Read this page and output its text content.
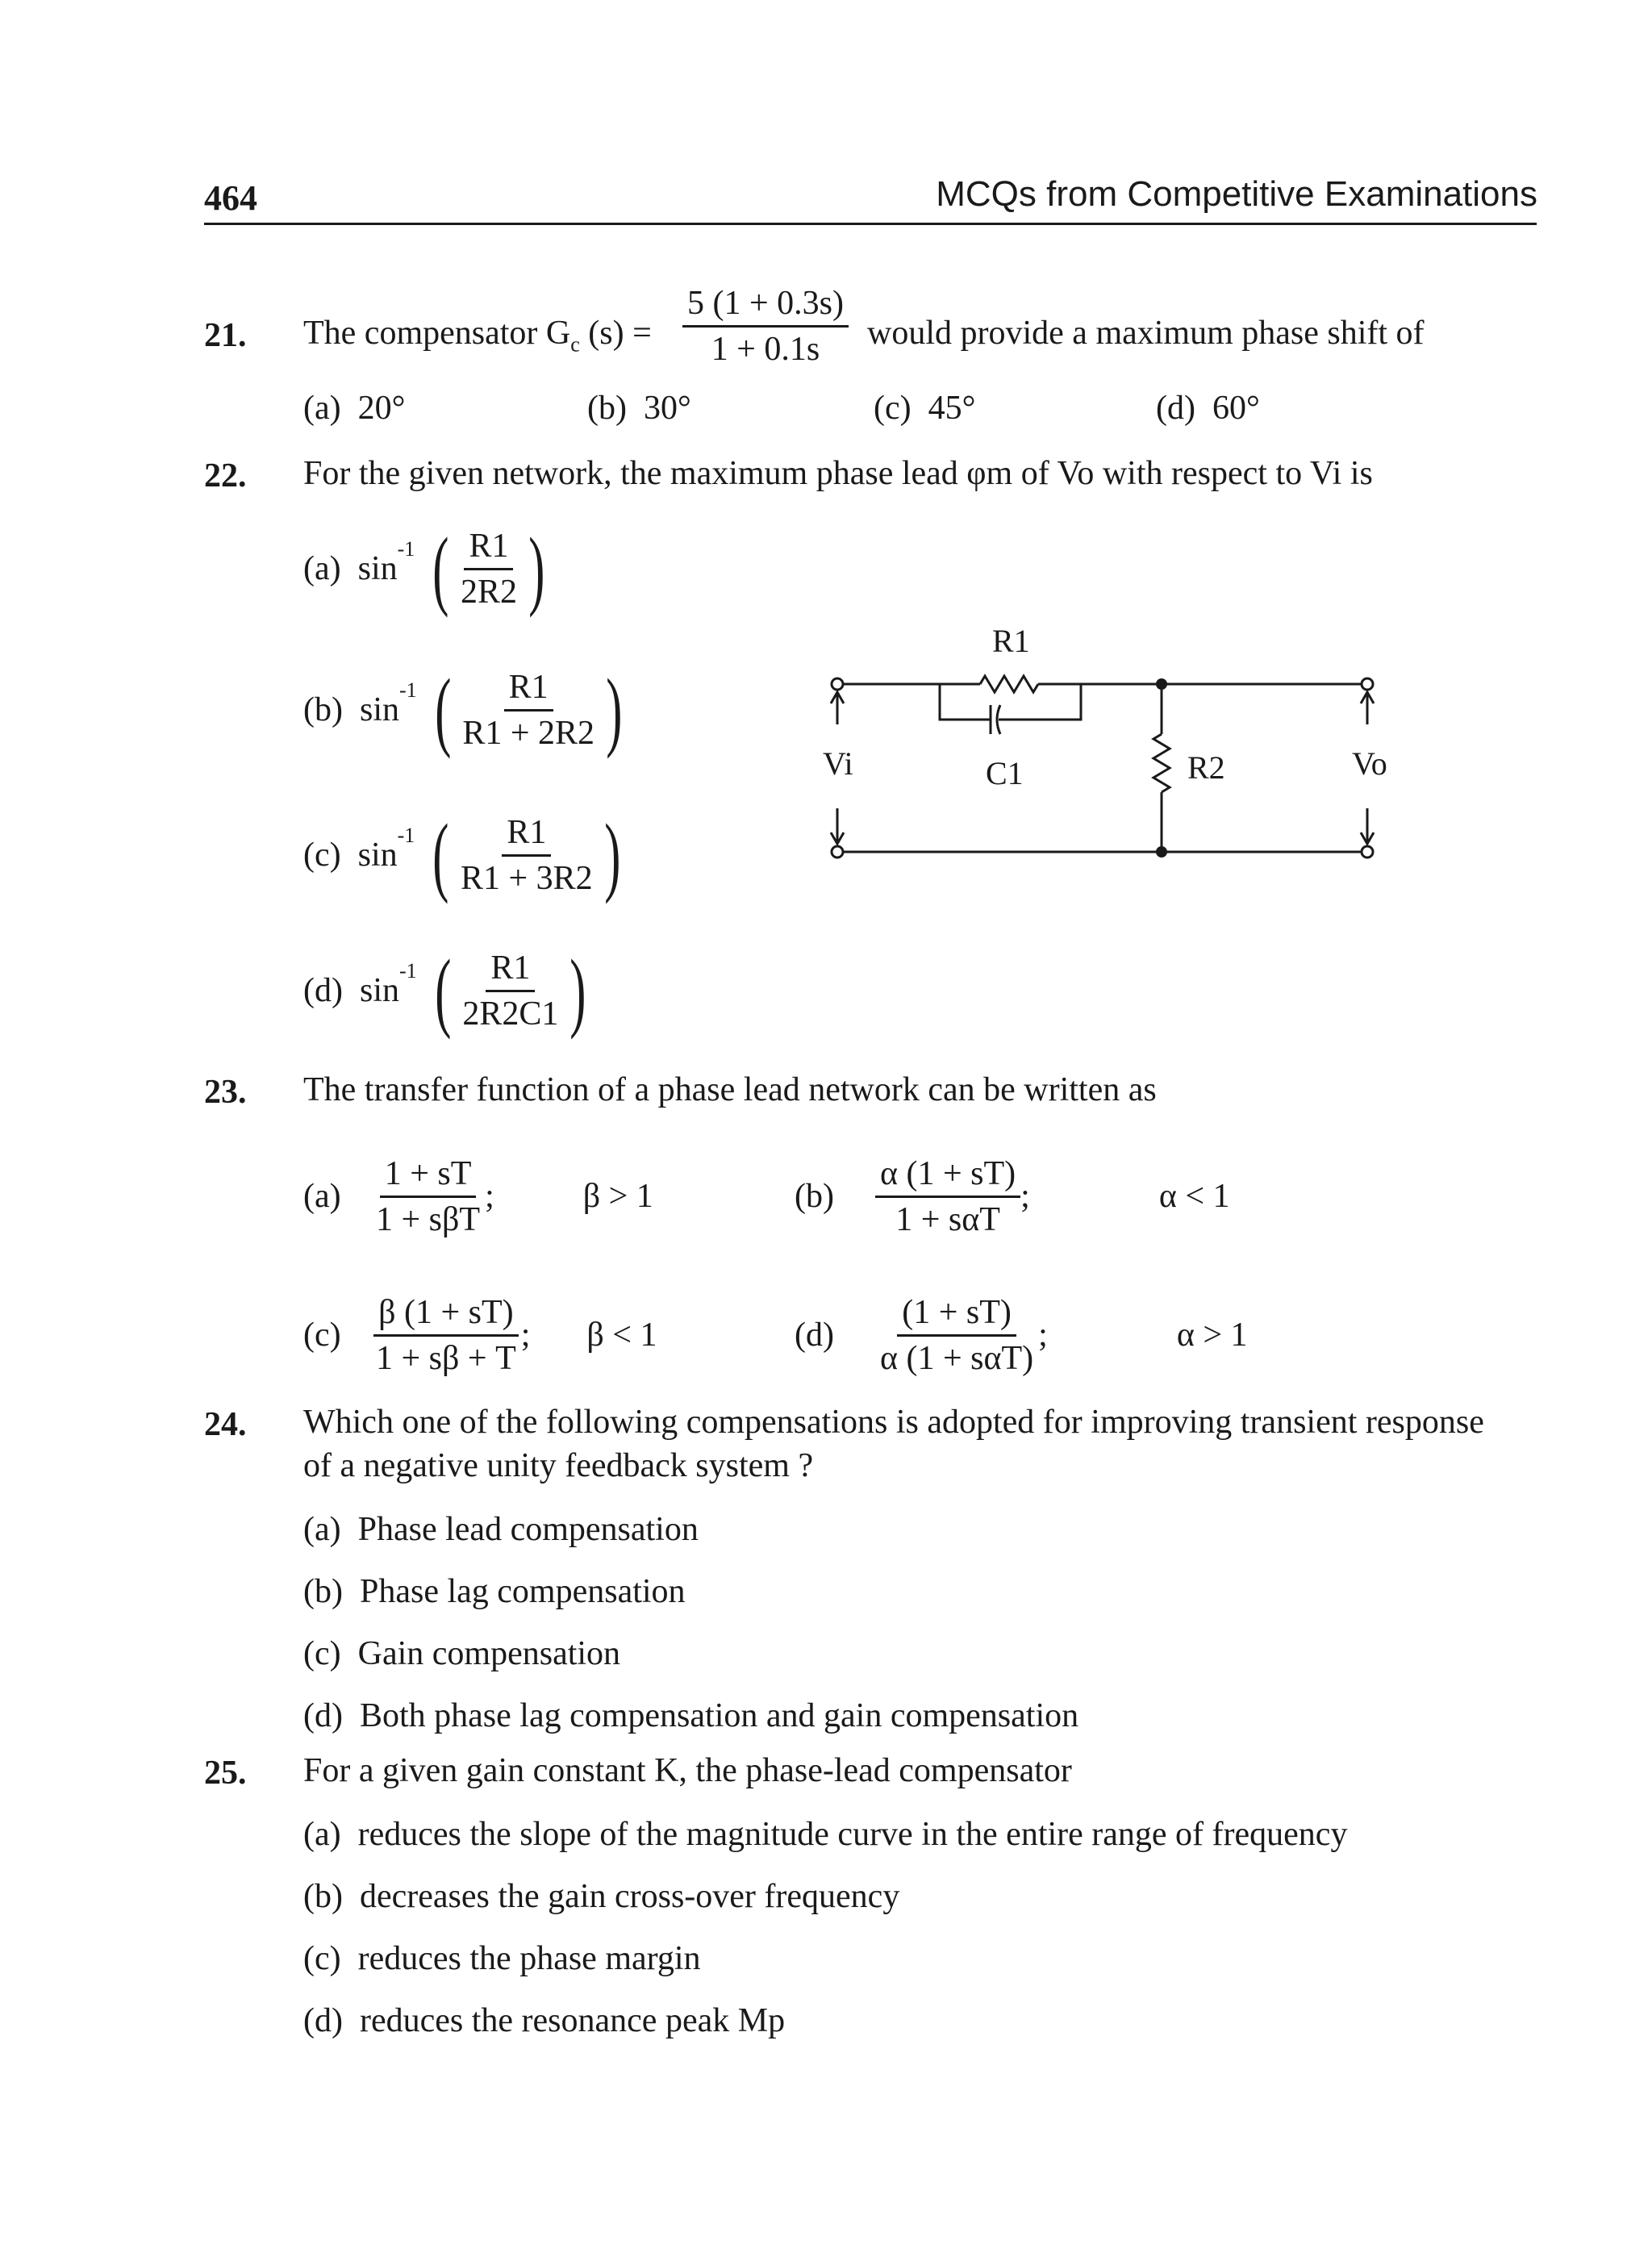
464	MCQs from Competitive Examinations
21. The compensator $G_c$ $(s) = \frac{5 (1 + 0.3s)}{1 + 0.1s}$ would provide a maximum phase shift of
(a) 20°	(b) 30°	(c) 45°	(d) 60°
22. For the given network, the maximum phase lead φm of Vo with respect to Vi is
(a)
sin
$^{-1}$ ( $\frac{R1}{2R2}$ )
(b)
sin
$^{-1}$ ( $\frac{R1}{R1 + 2R2}$ )
(c)
sin
$^{-1}$ ( $\frac{R1}{R1 + 3R2}$ )
(d)
sin
$^{-1}$ ( $\frac{R1}{2R2C1}$ )
R1
C1	R2
Vi	Vo
23. The transfer function of a phase lead network can be written as
$(a) \frac{1 + sT}{\text{1 + sβT}}$ ;	β > 1	(b)	$\frac{\alpha (1 + sT)}{\text{1 + sαT}}$ ;	α < 1
$(c) \frac{\beta (1 + sT)}{1 + s\beta + T}$ ; β < 1	(d)	$\frac{(1 + sT)}{\text{α (1 + sαT)}}$ ;	α > 1
24. Which one of the following compensations is adopted for improving transient response
of a negative unity feedback system ?
(a) Phase lead compensation
(b) Phase lag compensation
(c) Gain compensation
(d) Both phase lag compensation and gain compensation
25. For a given gain constant K, the phase-lead compensator
(a) reduces the slope of the magnitude curve in the entire range of frequency
(b) decreases the gain cross-over frequency
(c) reduces the phase margin
(d) reduces the resonance peak Mp
